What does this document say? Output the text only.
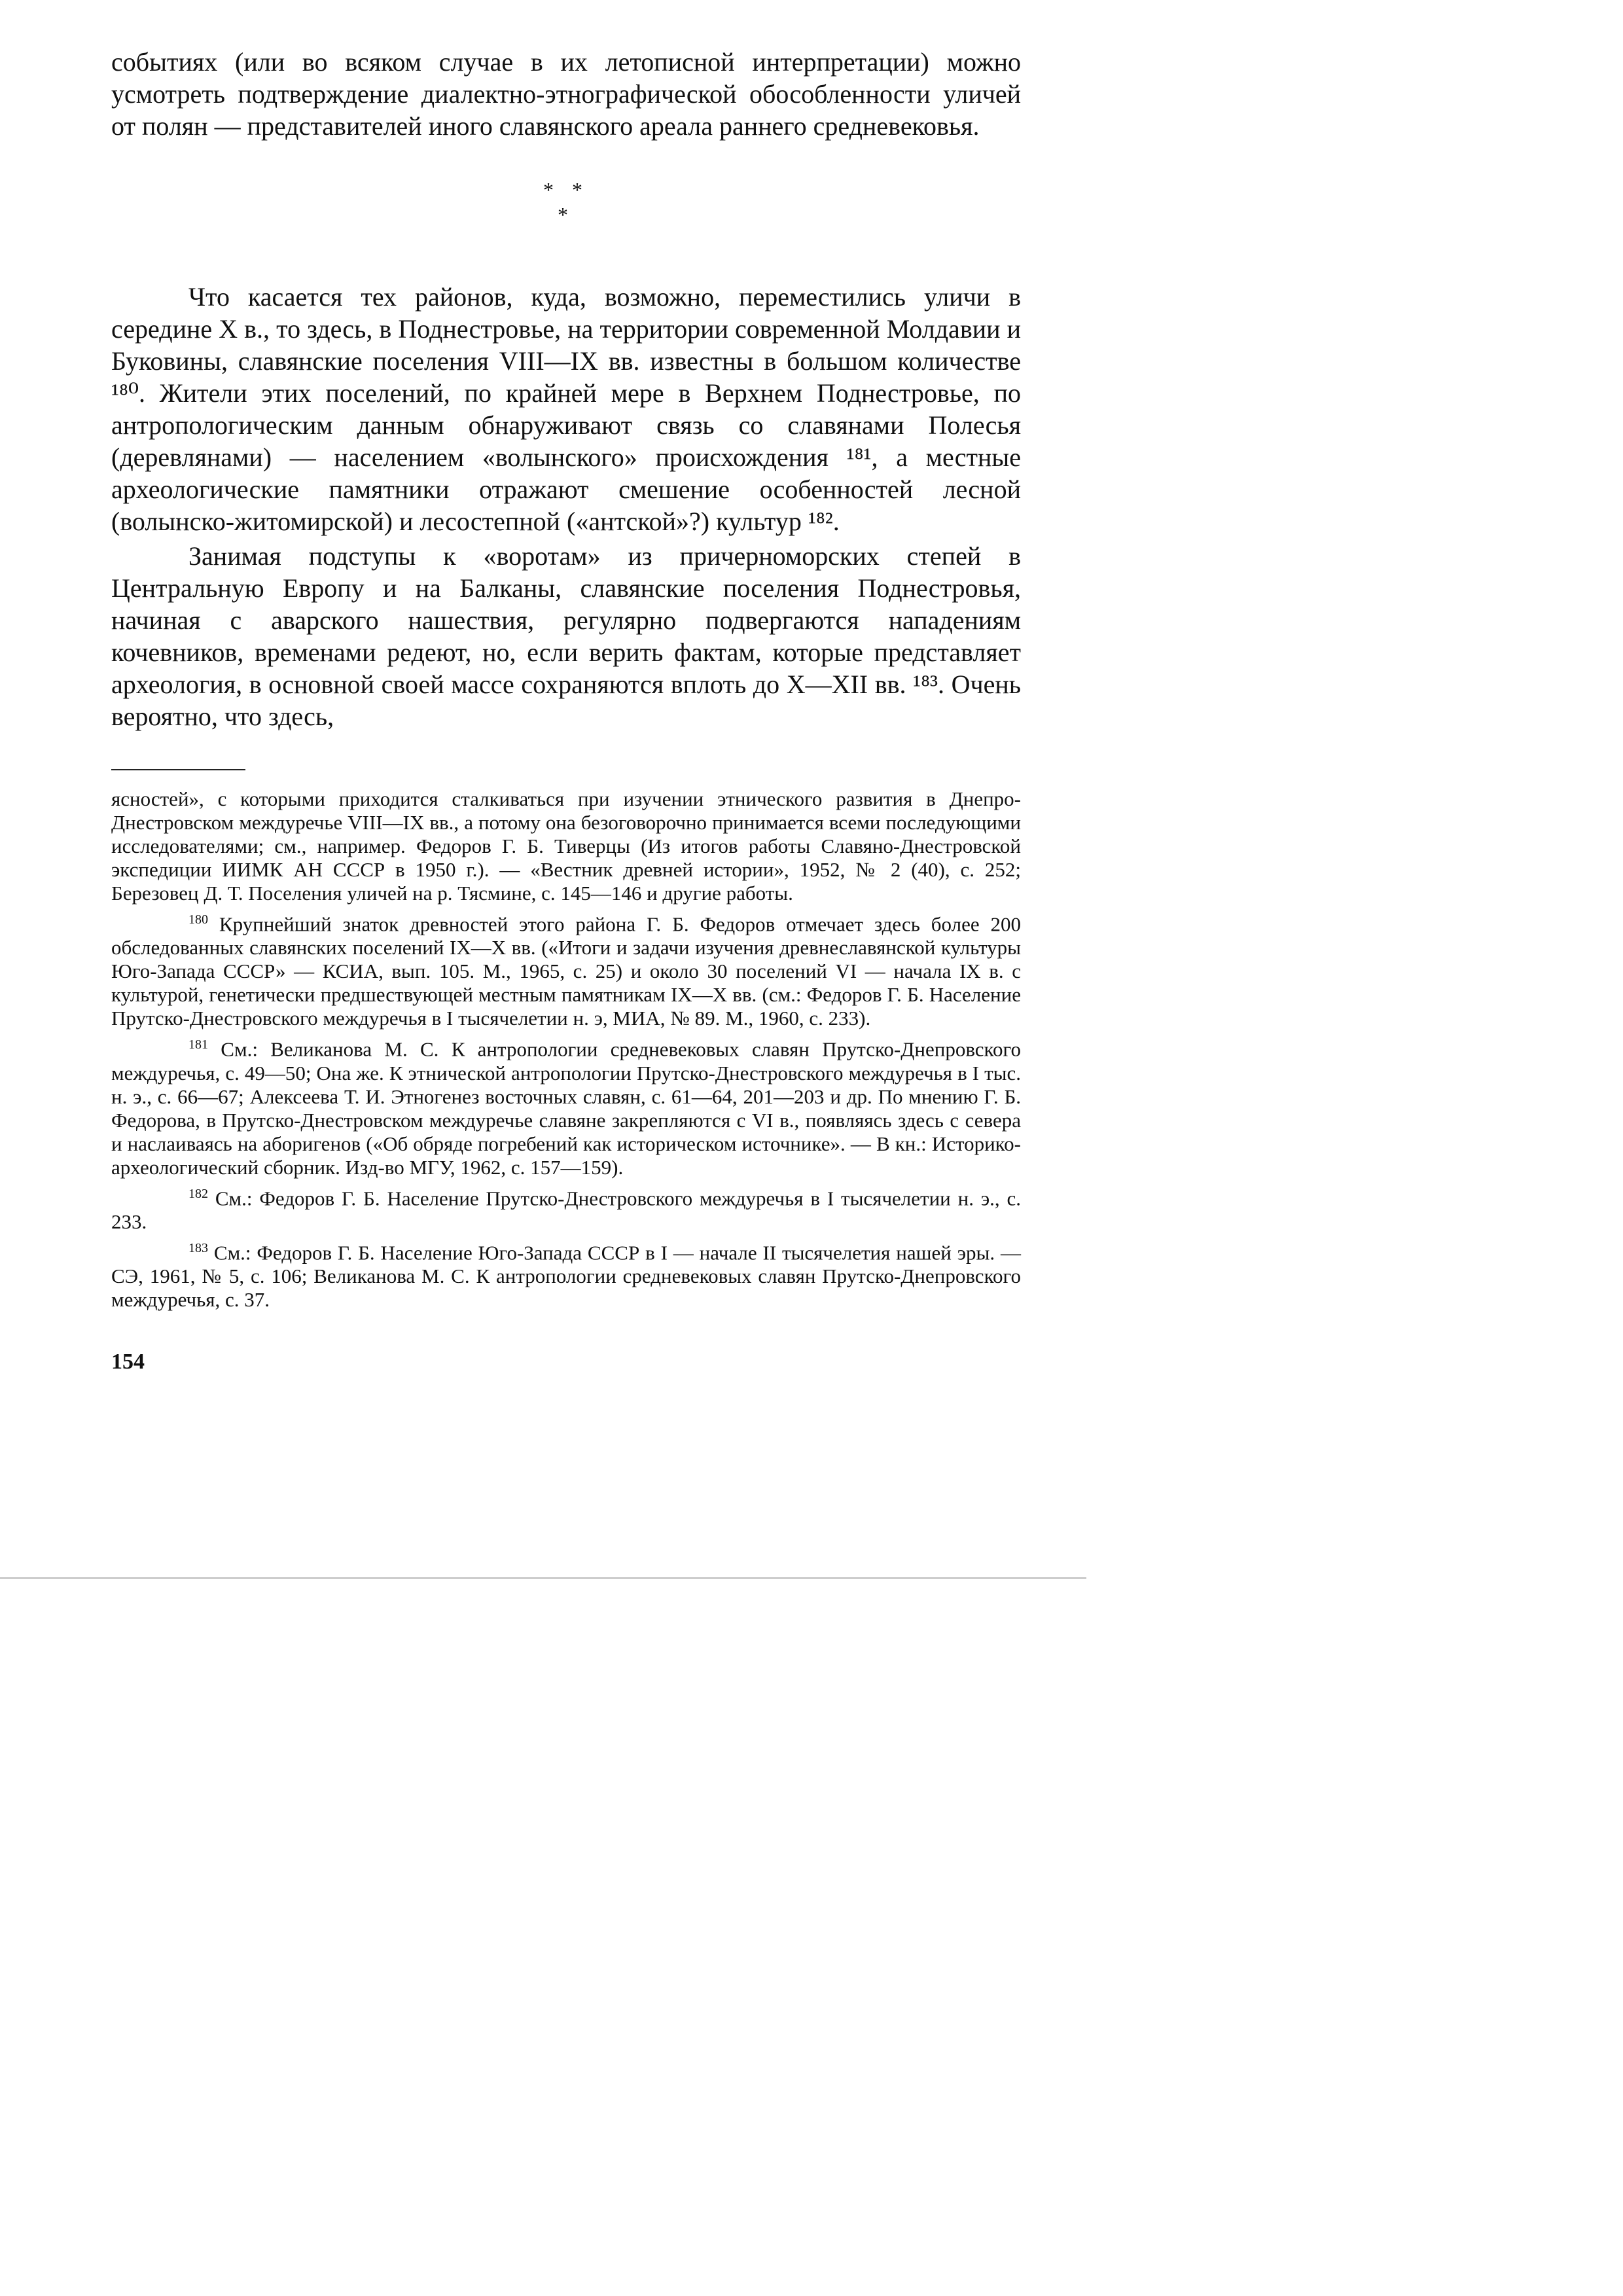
событиях (или во всяком случае в их летописной интерпретации) можно усмотреть подтверждение диалектно-этнографической обособленности уличей от полян — представителей иного славянского ареала раннего средневековья.

* *
*

Что касается тех районов, куда, возможно, переместились уличи в середине X в., то здесь, в Поднестровье, на территории современной Молдавии и Буковины, славянские поселения VIII—IX вв. известны в большом количестве ¹⁸⁰. Жители этих поселений, по крайней мере в Верхнем Поднестровье, по антропологическим данным обнаруживают связь со славянами Полесья (деревлянами) — населением «волынского» происхождения ¹⁸¹, а местные археологические памятники отражают смешение особенностей лесной (волынско-житомирской) и лесостепной («антской»?) культур ¹⁸².

Занимая подступы к «воротам» из причерноморских степей в Центральную Европу и на Балканы, славянские поселения Поднестровья, начиная с аварского нашествия, регулярно подвергаются нападениям кочевников, временами редеют, но, если верить фактам, которые представляет археология, в основной своей массе сохраняются вплоть до X—XII вв. ¹⁸³. Очень вероятно, что здесь,

ясностей», с которыми приходится сталкиваться при изучении этнического развития в Днепро-Днестровском междуречье VIII—IX вв., а потому она безоговорочно принимается всеми последующими исследователями; см., например. Федоров Г. Б. Тиверцы (Из итогов работы Славяно-Днестровской экспедиции ИИМК АН СССР в 1950 г.). — «Вестник древней истории», 1952, № 2 (40), с. 252; Березовец Д. Т. Поселения уличей на р. Тясмине, с. 145—146 и другие работы.

$^{180}$ Крупнейший знаток древностей этого района Г. Б. Федоров отмечает здесь более 200 обследованных славянских поселений IX—X вв. («Итоги и задачи изучения древнеславянской культуры Юго-Запада СССР» — КСИА, вып. 105. М., 1965, с. 25) и около 30 поселений VI — начала IX в. с культурой, генетически предшествующей местным памятникам IX—X вв. (см.: Федоров Г. Б. Население Прутско-Днестровского междуречья в I тысячелетии н. э, МИА, № 89. М., 1960, с. 233).

$^{181}$ См.: Великанова М. С. К антропологии средневековых славян Прутско-Днепровского междуречья, с. 49—50; Она же. К этнической антропологии Прутско-Днестровского междуречья в I тыс. н. э., с. 66—67; Алексеева Т. И. Этногенез восточных славян, с. 61—64, 201—203 и др. По мнению Г. Б. Федорова, в Прутско-Днестровском междуречье славяне закрепляются с VI в., появляясь здесь с севера и наслаиваясь на аборигенов («Об обряде погребений как историческом источнике». — В кн.: Историко-археологический сборник. Изд-во МГУ, 1962, с. 157—159).

$^{182}$ См.: Федоров Г. Б. Население Прутско-Днестровского междуречья в I тысячелетии н. э., с. 233.

$^{183}$ См.: Федоров Г. Б. Население Юго-Запада СССР в I — начале II тысячелетия нашей эры. — СЭ, 1961, № 5, с. 106; Великанова М. С. К антропологии средневековых славян Прутско-Днепровского междуречья, с. 37.

154
